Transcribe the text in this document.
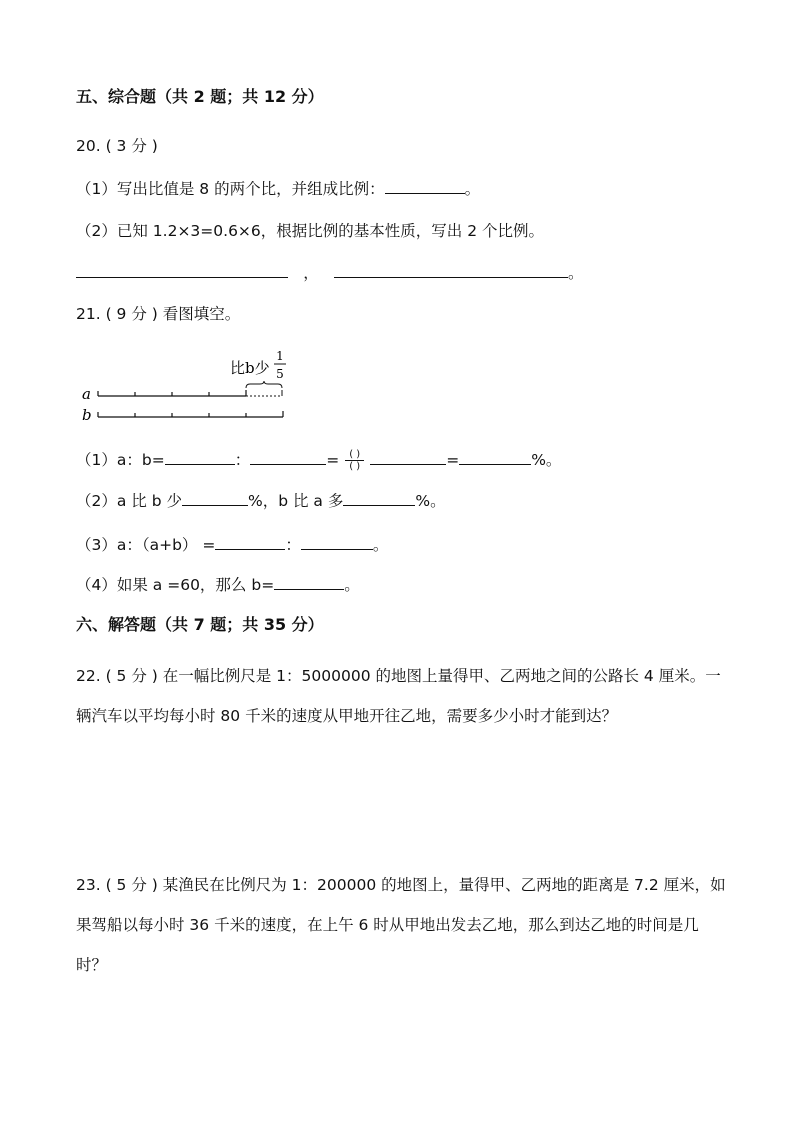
五、综合题（共 2 题；共 12 分）
20. ( 3 分 )
（1）写出比值是 8 的两个比，并组成比例：	。
（2）已知 1.2×3=0.6×6，根据比例的基本性质，写出 2 个比例。
，	。
21. ( 9 分 ) 看图填空。
比b少
1
5
a
b
（1）a：b=	：	= $\frac{( )}{( )}$	=	%。
（2）a 比 b 少	%，b 比 a 多	%。
（3）a：（a+b） =	：	。
（4）如果 a =60，那么 b=	。
六、解答题（共 7 题；共 35 分）
22. ( 5 分 ) 在一幅比例尺是 1：5000000 的地图上量得甲、乙两地之间的公路长 4 厘米。一辆汽车以平均每小时 80 千米的速度从甲地开往乙地，需要多少小时才能到达？
23. ( 5 分 ) 某渔民在比例尺为 1：200000 的地图上，量得甲、乙两地的距离是 7.2 厘米，如果驾船以每小时 36 千米的速度，在上午 6 时从甲地出发去乙地，那么到达乙地的时间是几时？
